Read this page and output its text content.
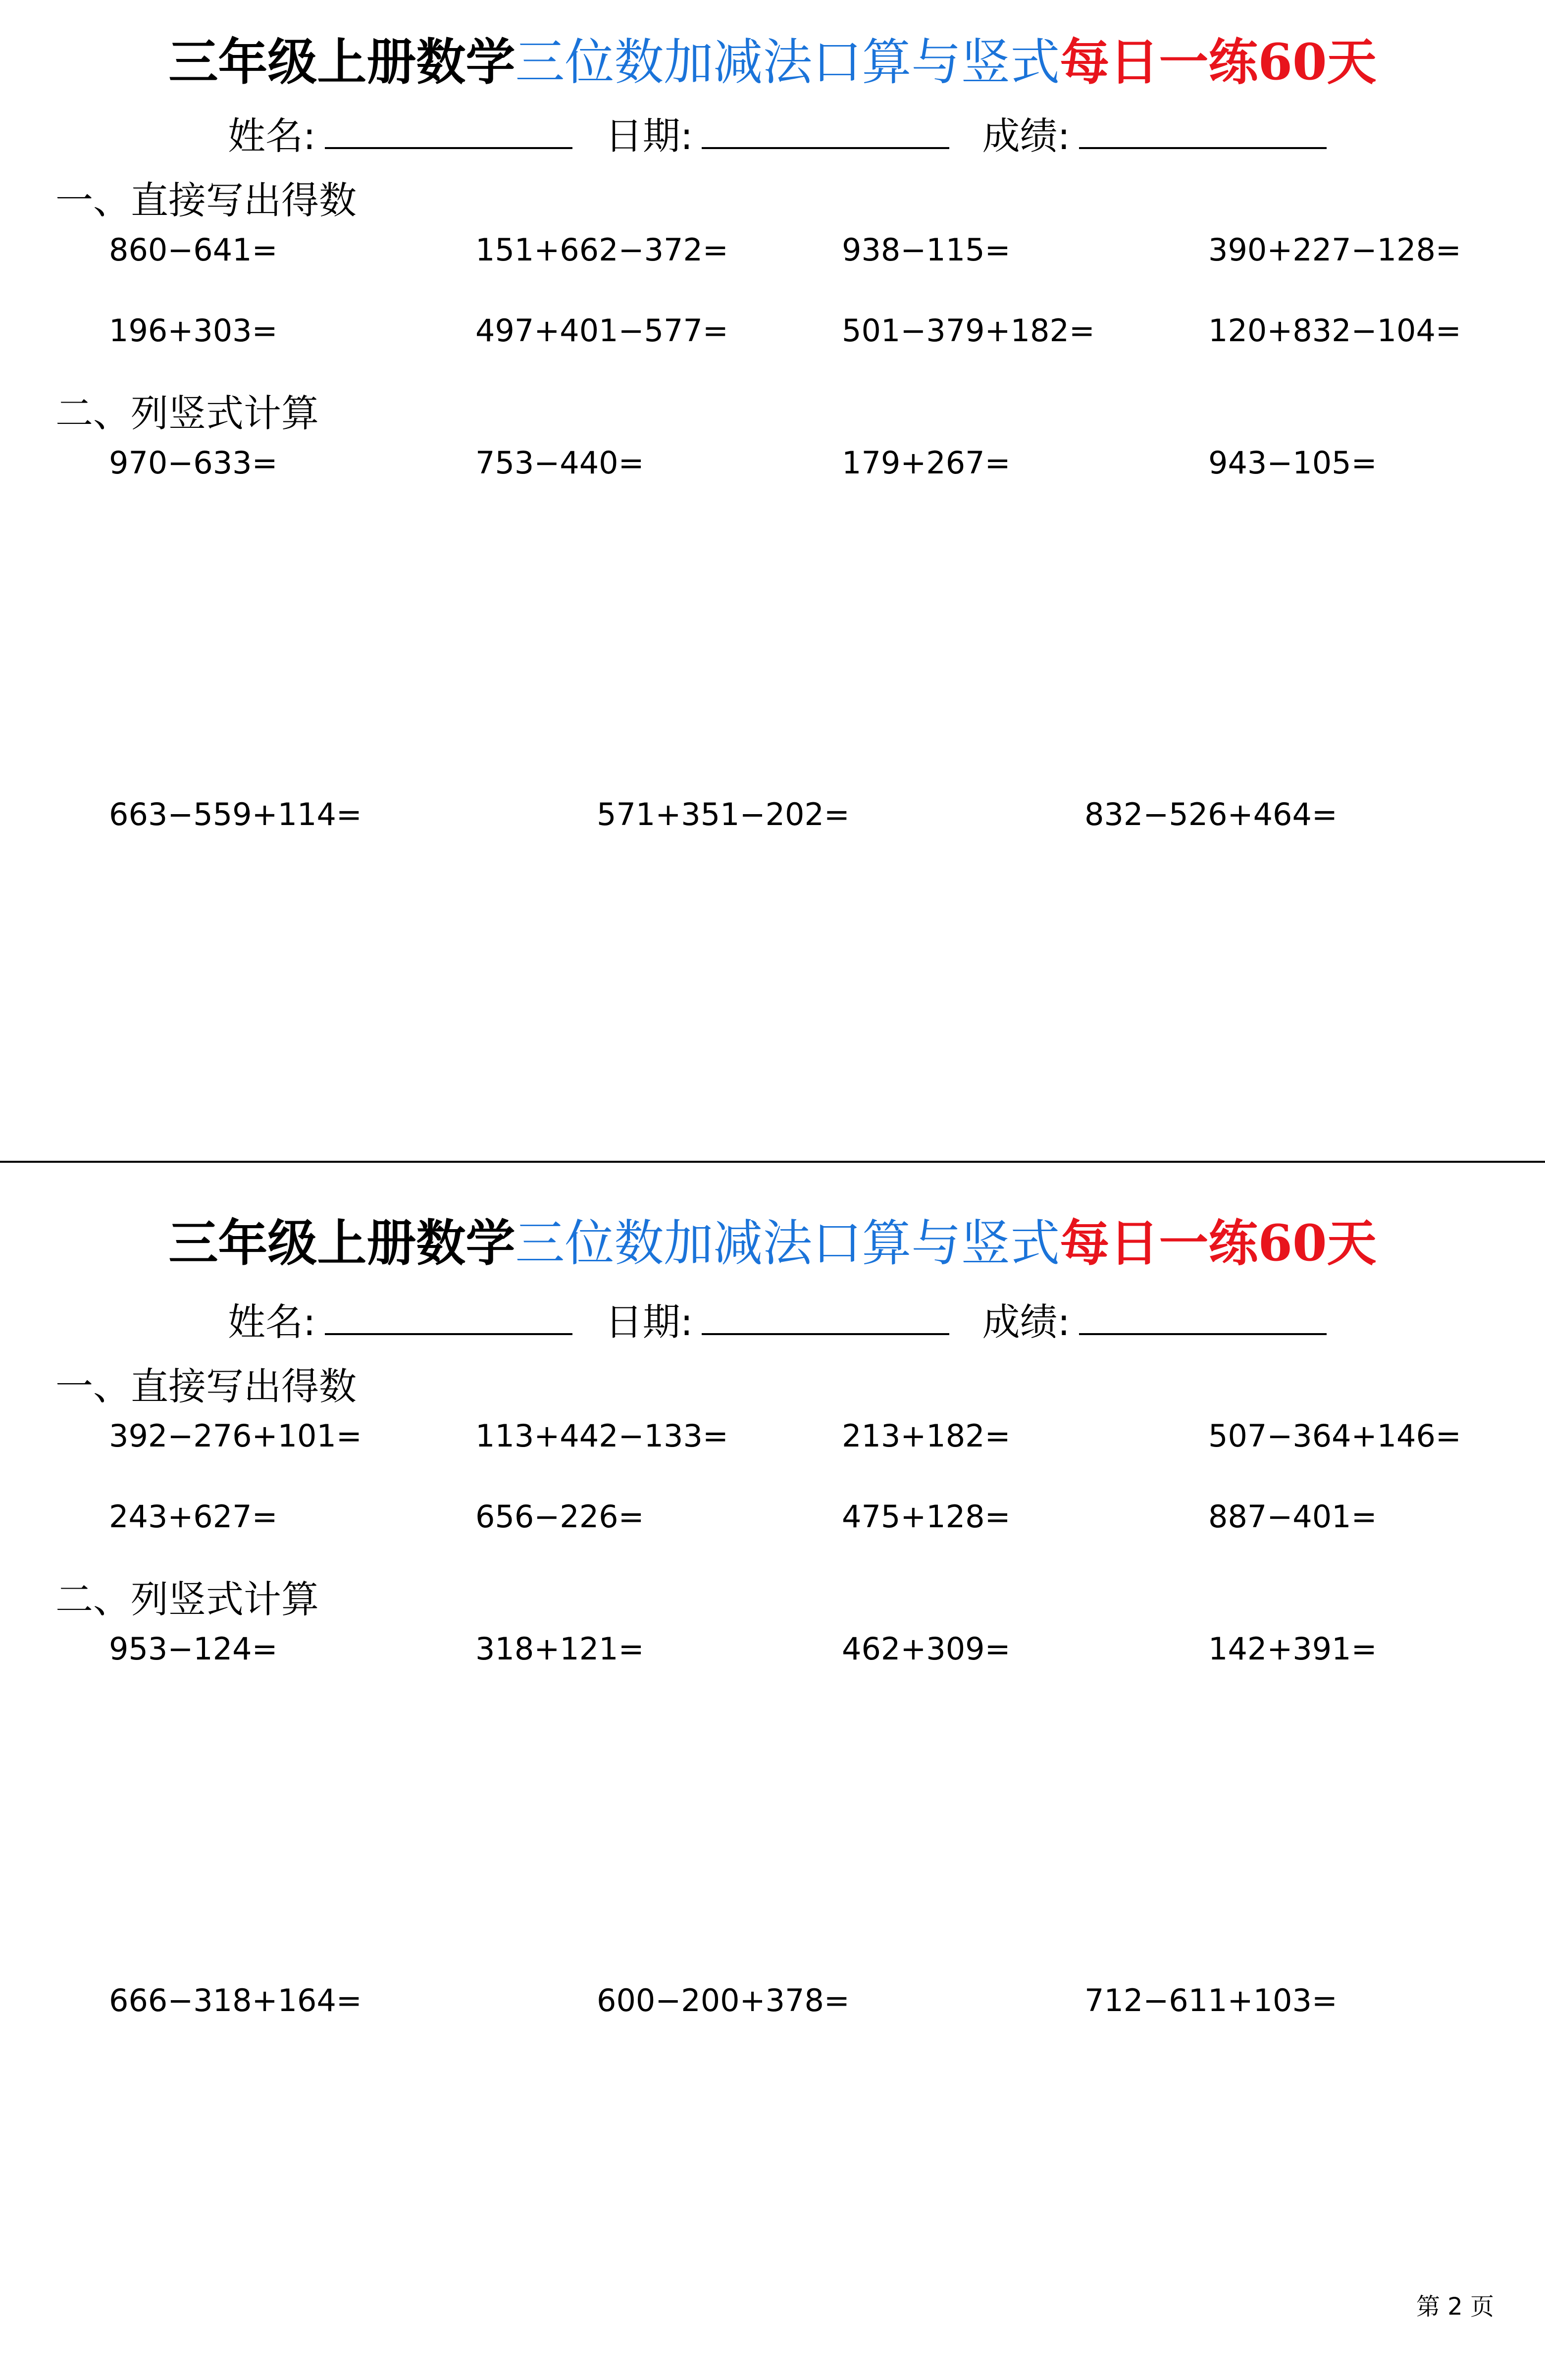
三年级上册数学三位数加减法口算与竖式每日一练60天
姓名:	日期:	成绩:
一、直接写出得数
860−641=	151+662−372=	938−115=	390+227−128=
196+303=	497+401−577=	501−379+182=	120+832−104=
二、列竖式计算
970−633=	753−440=	179+267=	943−105=
663−559+114=	571+351−202=	832−526+464=
三年级上册数学三位数加减法口算与竖式每日一练60天
姓名:	日期:	成绩:
一、直接写出得数
392−276+101=	113+442−133=	213+182=	507−364+146=
243+627=	656−226=	475+128=	887−401=
二、列竖式计算
953−124=	318+121=	462+309=	142+391=
666−318+164=	600−200+378=	712−611+103=
第 2 页
